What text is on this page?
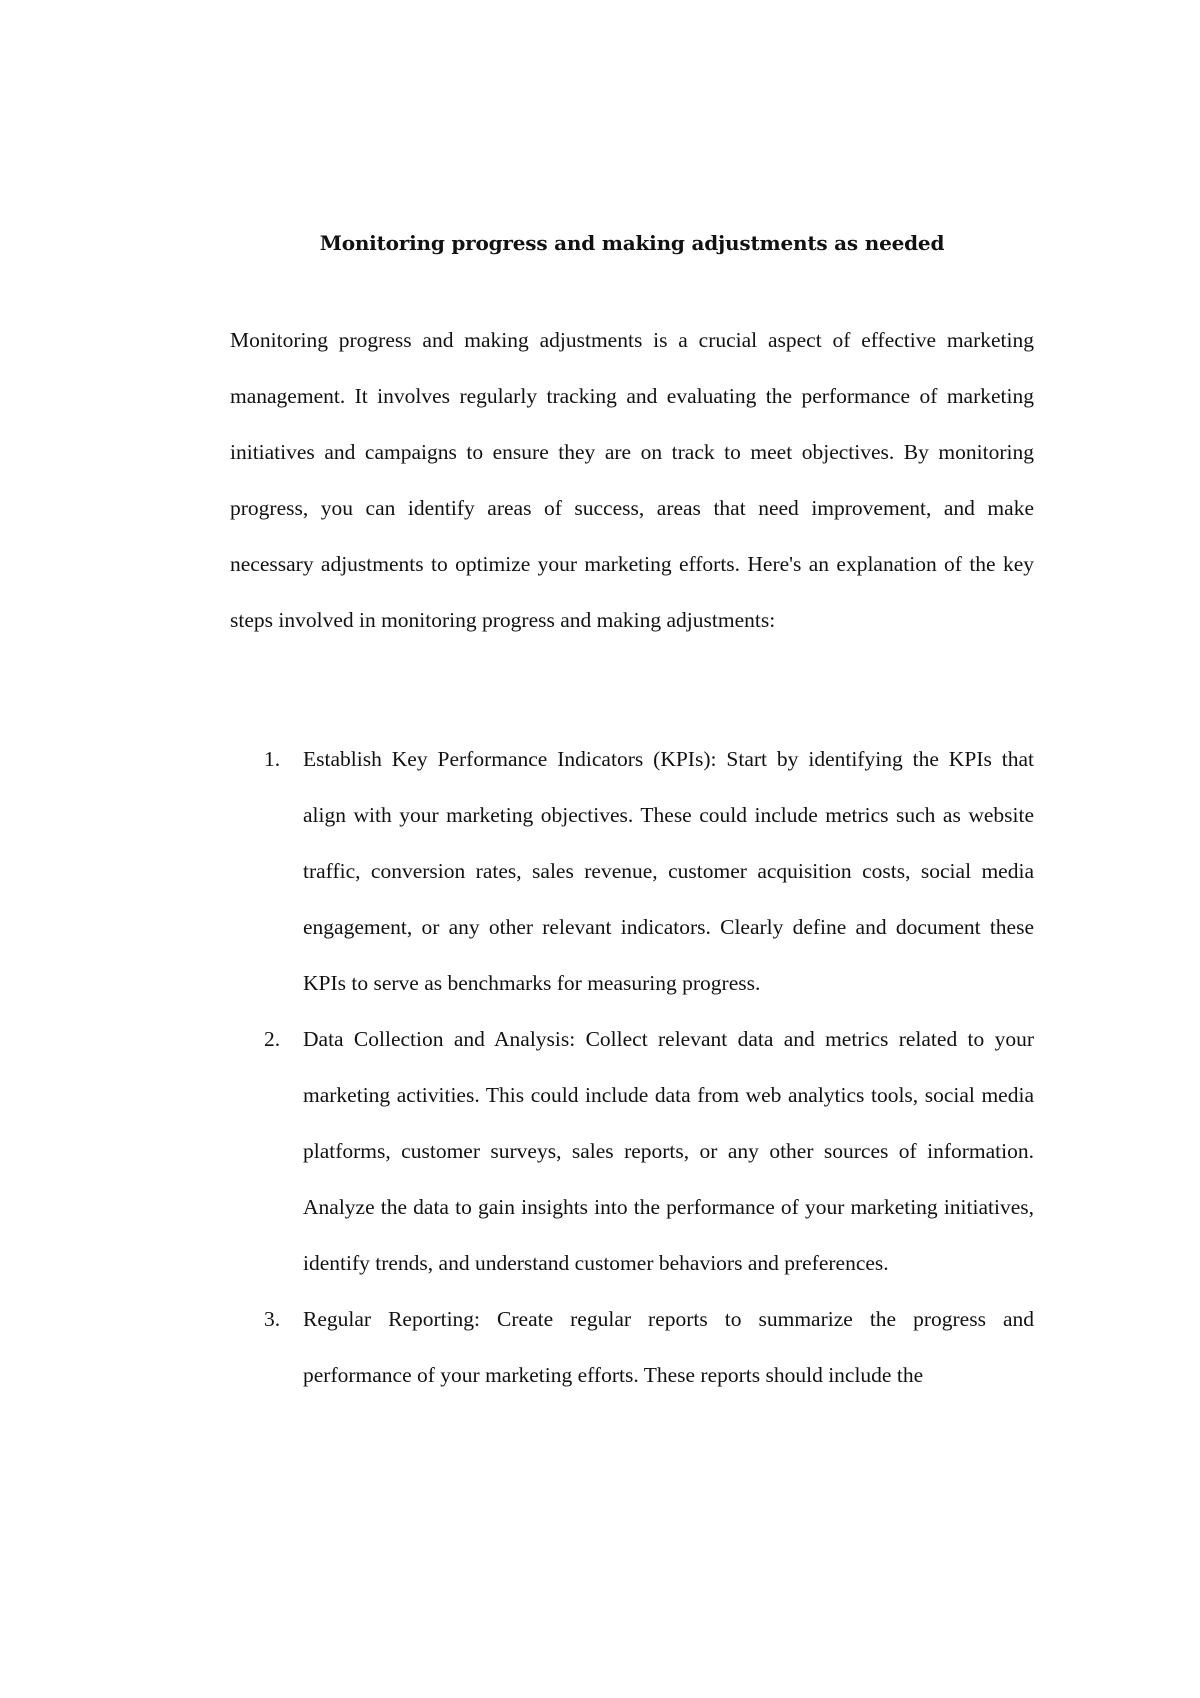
Monitoring progress and making adjustments as needed

Monitoring progress and making adjustments is a crucial aspect of effective marketing management. It involves regularly tracking and evaluating the performance of marketing initiatives and campaigns to ensure they are on track to meet objectives. By monitoring progress, you can identify areas of success, areas that need improvement, and make necessary adjustments to optimize your marketing efforts. Here's an explanation of the key steps involved in monitoring progress and making adjustments:

1. Establish Key Performance Indicators (KPIs): Start by identifying the KPIs that align with your marketing objectives. These could include metrics such as website traffic, conversion rates, sales revenue, customer acquisition costs, social media engagement, or any other relevant indicators. Clearly define and document these KPIs to serve as benchmarks for measuring progress.
2. Data Collection and Analysis: Collect relevant data and metrics related to your marketing activities. This could include data from web analytics tools, social media platforms, customer surveys, sales reports, or any other sources of information. Analyze the data to gain insights into the performance of your marketing initiatives, identify trends, and understand customer behaviors and preferences.
3. Regular Reporting: Create regular reports to summarize the progress and performance of your marketing efforts. These reports should include the
